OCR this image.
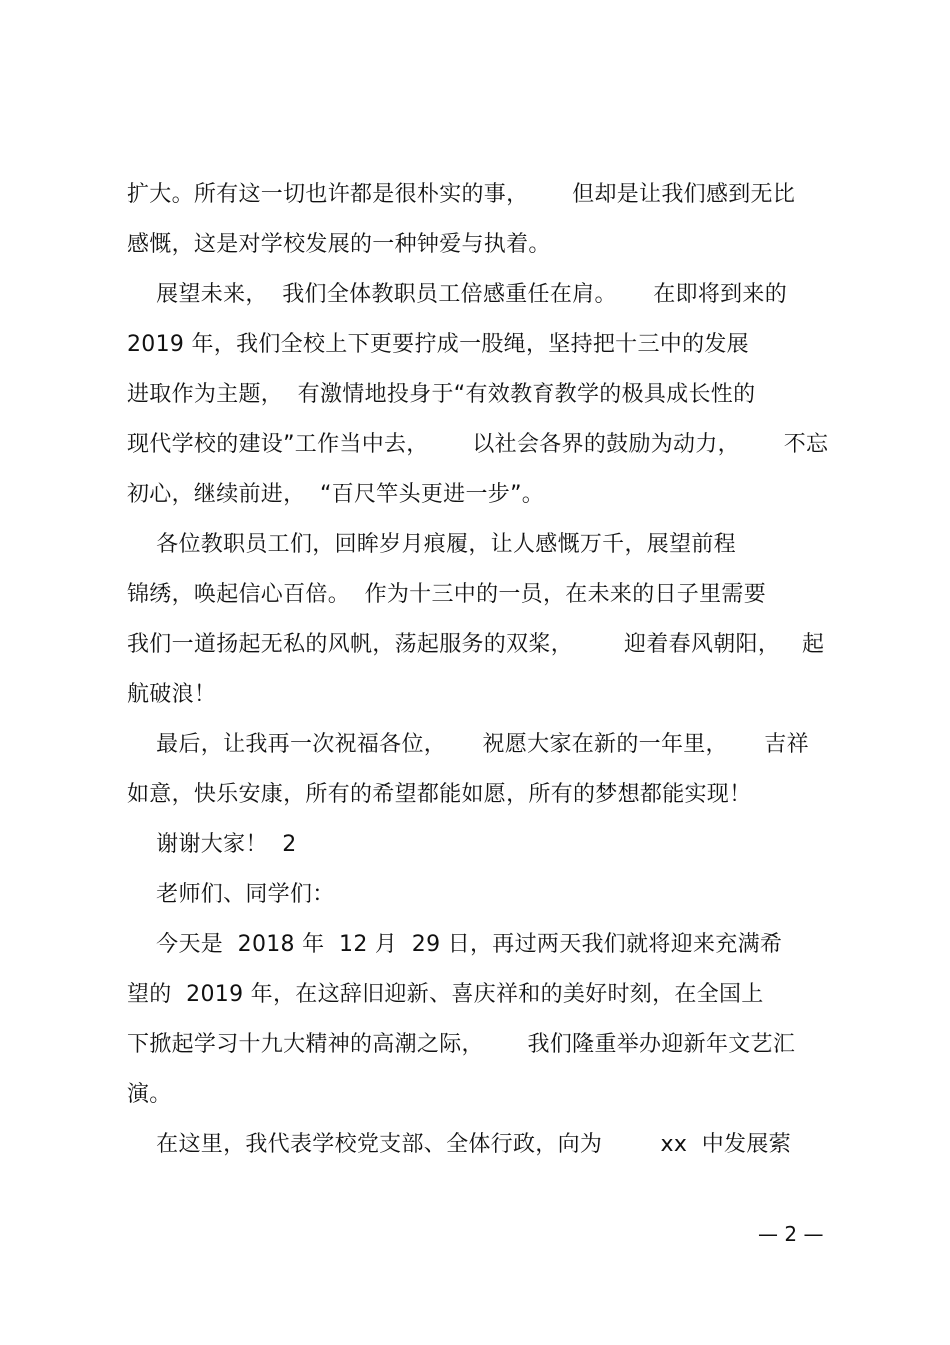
扩大。所有这一切也许都是很朴实的事，      但却是让我们感到无比
感慨，这是对学校发展的一种钟爱与执着。
展望未来，  我们全体教职员工倍感重任在肩。     在即将到来的
2019 年，我们全校上下更要拧成一股绳，坚持把十三中的发展
进取作为主题，  有激情地投身于“有效教育教学的极具成长性的
现代学校的建设”工作当中去，      以社会各界的鼓励为动力，      不忘
初心，继续前进，  “百尺竿头更进一步”。
各位教职员工们，回眸岁月痕履，让人感慨万千，展望前程
锦绣，唤起信心百倍。  作为十三中的一员，在未来的日子里需要
我们一道扬起无私的风帆，荡起服务的双桨，       迎着春风朝阳，   起
航破浪！
最后，让我再一次祝福各位，     祝愿大家在新的一年里，     吉祥
如意，快乐安康，所有的希望都能如愿，所有的梦想都能实现！
谢谢大家！  2
老师们、同学们：
今天是  2018 年  12 月  29 日，再过两天我们就将迎来充满希
望的  2019 年，在这辞旧迎新、喜庆祥和的美好时刻，在全国上
下掀起学习十九大精神的高潮之际，      我们隆重举办迎新年文艺汇
演。
在这里，我代表学校党支部、全体行政，向为        xx  中发展萦
— 2 —
